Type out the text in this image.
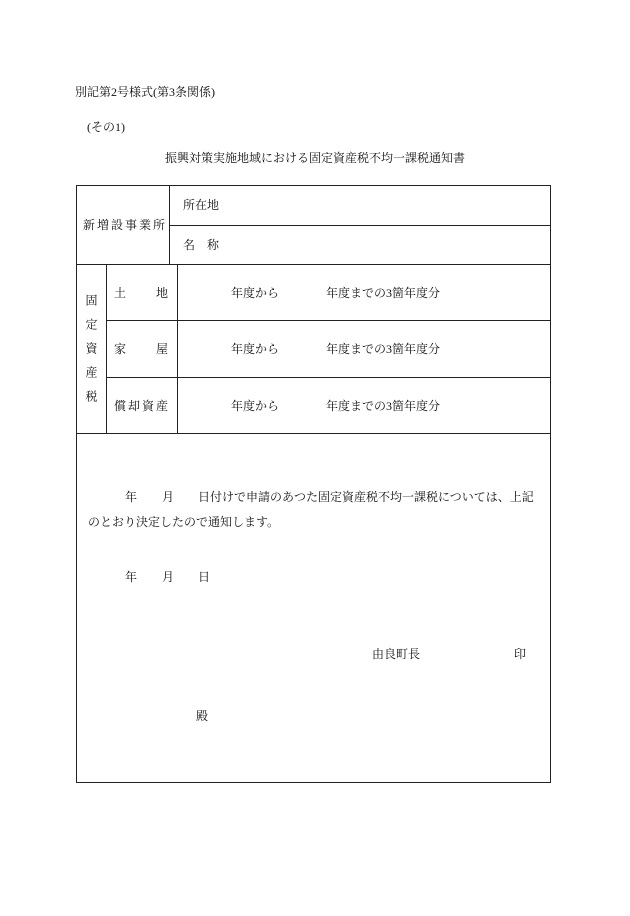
別記第2号様式(第3条関係)
(その1)
振興対策実施地域における固定資産税不均一課税通知書
新増設事業所
所在地
名　称
固定資産税
土　　地	年度から	年度までの3箇年度分
家　　屋	年度から	年度までの3箇年度分
償却資産	年度から	年度までの3箇年度分
年 月 日付けで申請のあつた固定資産税不均一課税については、上記
のとおり決定したので通知します。
年 月 日
由良町長	印
殿
